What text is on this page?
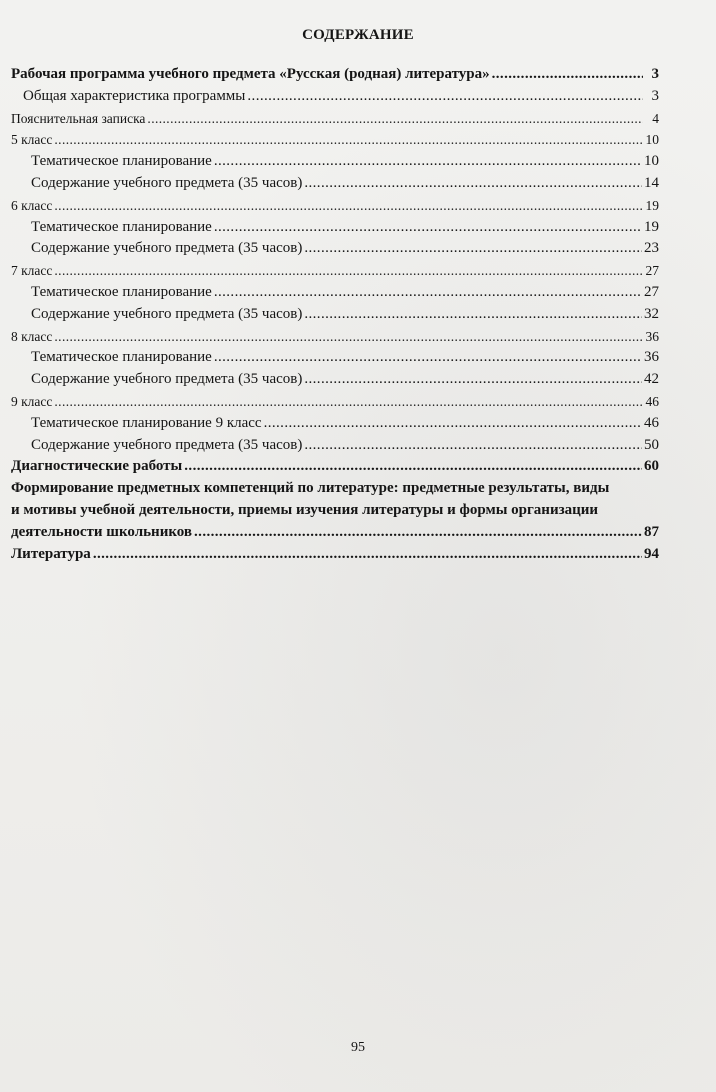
СОДЕРЖАНИЕ
Рабочая программа учебного предмета «Русская (родная) литература» .....	3
Общая характеристика программы .....	3
Пояснительная записка .....	4
5 класс .....	10
Тематическое планирование .....	10
Содержание учебного предмета (35 часов) .....	14
6 класс .....	19
Тематическое планирование .....	19
Содержание учебного предмета (35 часов) .....	23
7 класс .....	27
Тематическое планирование .....	27
Содержание учебного предмета (35 часов) .....	32
8 класс .....	36
Тематическое планирование .....	36
Содержание учебного предмета (35 часов) .....	42
9 класс .....	46
Тематическое планирование 9 класс .....	46
Содержание учебного предмета (35 часов) .....	50
Диагностические работы .....	60
Формирование предметных компетенций по литературе: предметные результаты, виды
и мотивы учебной деятельности, приемы изучения литературы и формы организации
деятельности школьников .....	87
Литература .....	94
95
